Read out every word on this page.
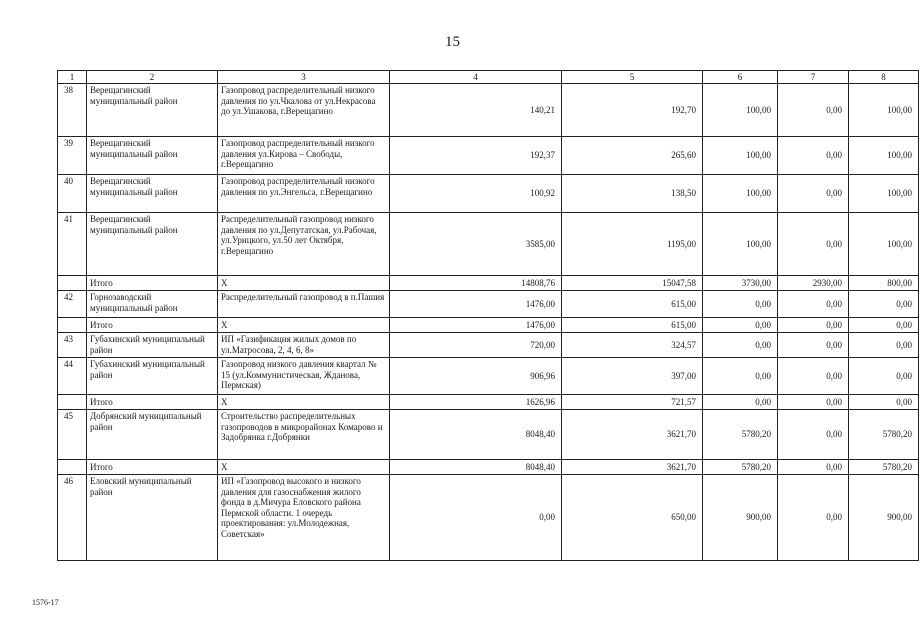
15
1	2	3	4	5	6	7	8
38	Верещагинский муниципальный район	Газопровод распределительный низкого давления по ул.Чкалова от ул.Некрасова до ул.Ушакова, г.Верещагино	140,21	192,70	100,00	0,00	100,00
39	Верещагинский муниципальный район	Газопровод распределительный низкого давления ул.Кирова – Свободы, г.Верещагино	192,37	265,60	100,00	0,00	100,00
40	Верещагинский муниципальный район	Газопровод распределительный низкого давления по ул.Энгельса, г.Верещагино	100,92	138,50	100,00	0,00	100,00
41	Верещагинский муниципальный район	Распределительный газопровод низкого давления по ул.Депутатская, ул.Рабочая, ул.Урицкого, ул.50 лет Октября, г.Верещагино	3585,00	1195,00	100,00	0,00	100,00
	Итого	X	14808,76	15047,58	3730,00	2930,00	800,00
42	Горнозаводский муниципальный район	Распределительный газопровод в п.Пашия	1476,00	615,00	0,00	0,00	0,00
	Итого	X	1476,00	615,00	0,00	0,00	0,00
43	Губахинский муниципальный район	ИП «Газификация жилых домов по ул.Матросова, 2, 4, 6, 8»	720,00	324,57	0,00	0,00	0,00
44	Губахинский муниципальный район	Газопровод низкого давления квартал № 15 (ул.Коммунистическая, Жданова, Пермская)	906,96	397,00	0,00	0,00	0,00
	Итого	X	1626,96	721,57	0,00	0,00	0,00
45	Добрянский муниципальный район	Строительство распределительных газопроводов в микрорайонах Комарово и Задобрянка г.Добрянки	8048,40	3621,70	5780,20	0,00	5780,20
	Итого	X	8048,40	3621,70	5780,20	0,00	5780,20
46	Еловский муниципальный район	ИП «Газопровод высокого и низкого давления для газоснабжения жилого фонда в д.Мичура Еловского района Пермской области. 1 очередь проектирования: ул.Молодежная, Советская»	0,00	650,00	900,00	0,00	900,00
1576-17
